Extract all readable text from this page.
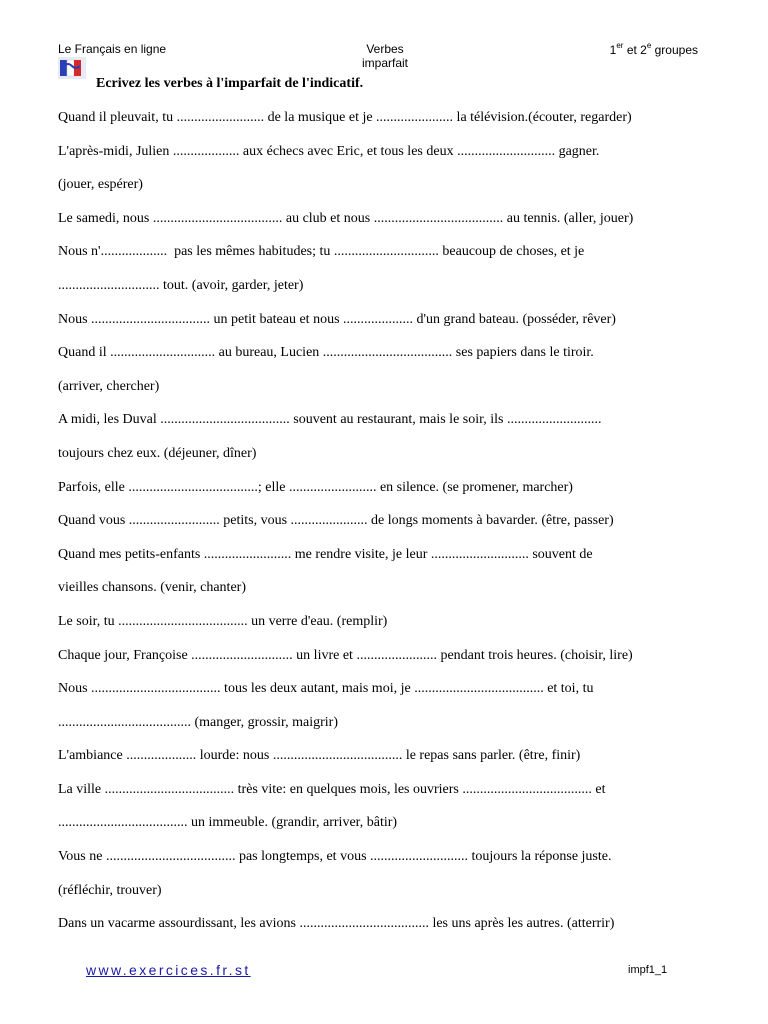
Le Français en ligne	Verbes
imparfait
1er et 2e groupes
Ecrivez les verbes à l'imparfait de l'indicatif.
Quand il pleuvait, tu ......................... de la musique et je ...................... la télévision.(écouter, regarder)
L'après-midi, Julien ................... aux échecs avec Eric, et tous les deux ............................ gagner.
(jouer, espérer)
Le samedi, nous ..................................... au club et nous ..................................... au tennis. (aller, jouer)
Nous n'...................  pas les mêmes habitudes; tu .............................. beaucoup de choses, et je
............................. tout. (avoir, garder, jeter)
Nous .................................. un petit bateau et nous .................... d'un grand bateau. (posséder, rêver)
Quand il .............................. au bureau, Lucien ..................................... ses papiers dans le tiroir.
(arriver, chercher)
A midi, les Duval ..................................... souvent au restaurant, mais le soir, ils ...........................
toujours chez eux. (déjeuner, dîner)
Parfois, elle .....................................; elle ......................... en silence. (se promener, marcher)
Quand vous .......................... petits, vous ...................... de longs moments à bavarder. (être, passer)
Quand mes petits-enfants ......................... me rendre visite, je leur ............................ souvent de
vieilles chansons. (venir, chanter)
Le soir, tu ..................................... un verre d'eau. (remplir)
Chaque jour, Françoise ............................. un livre et ....................... pendant trois heures. (choisir, lire)
Nous ..................................... tous les deux autant, mais moi, je ..................................... et toi, tu
...................................... (manger, grossir, maigrir)
L'ambiance .................... lourde: nous ..................................... le repas sans parler. (être, finir)
La ville ..................................... très vite: en quelques mois, les ouvriers ..................................... et
..................................... un immeuble. (grandir, arriver, bâtir)
Vous ne ..................................... pas longtemps, et vous ............................ toujours la réponse juste.
(réfléchir, trouver)
Dans un vacarme assourdissant, les avions ..................................... les uns après les autres. (atterrir)
www.exercices.fr.st	impf1_1
